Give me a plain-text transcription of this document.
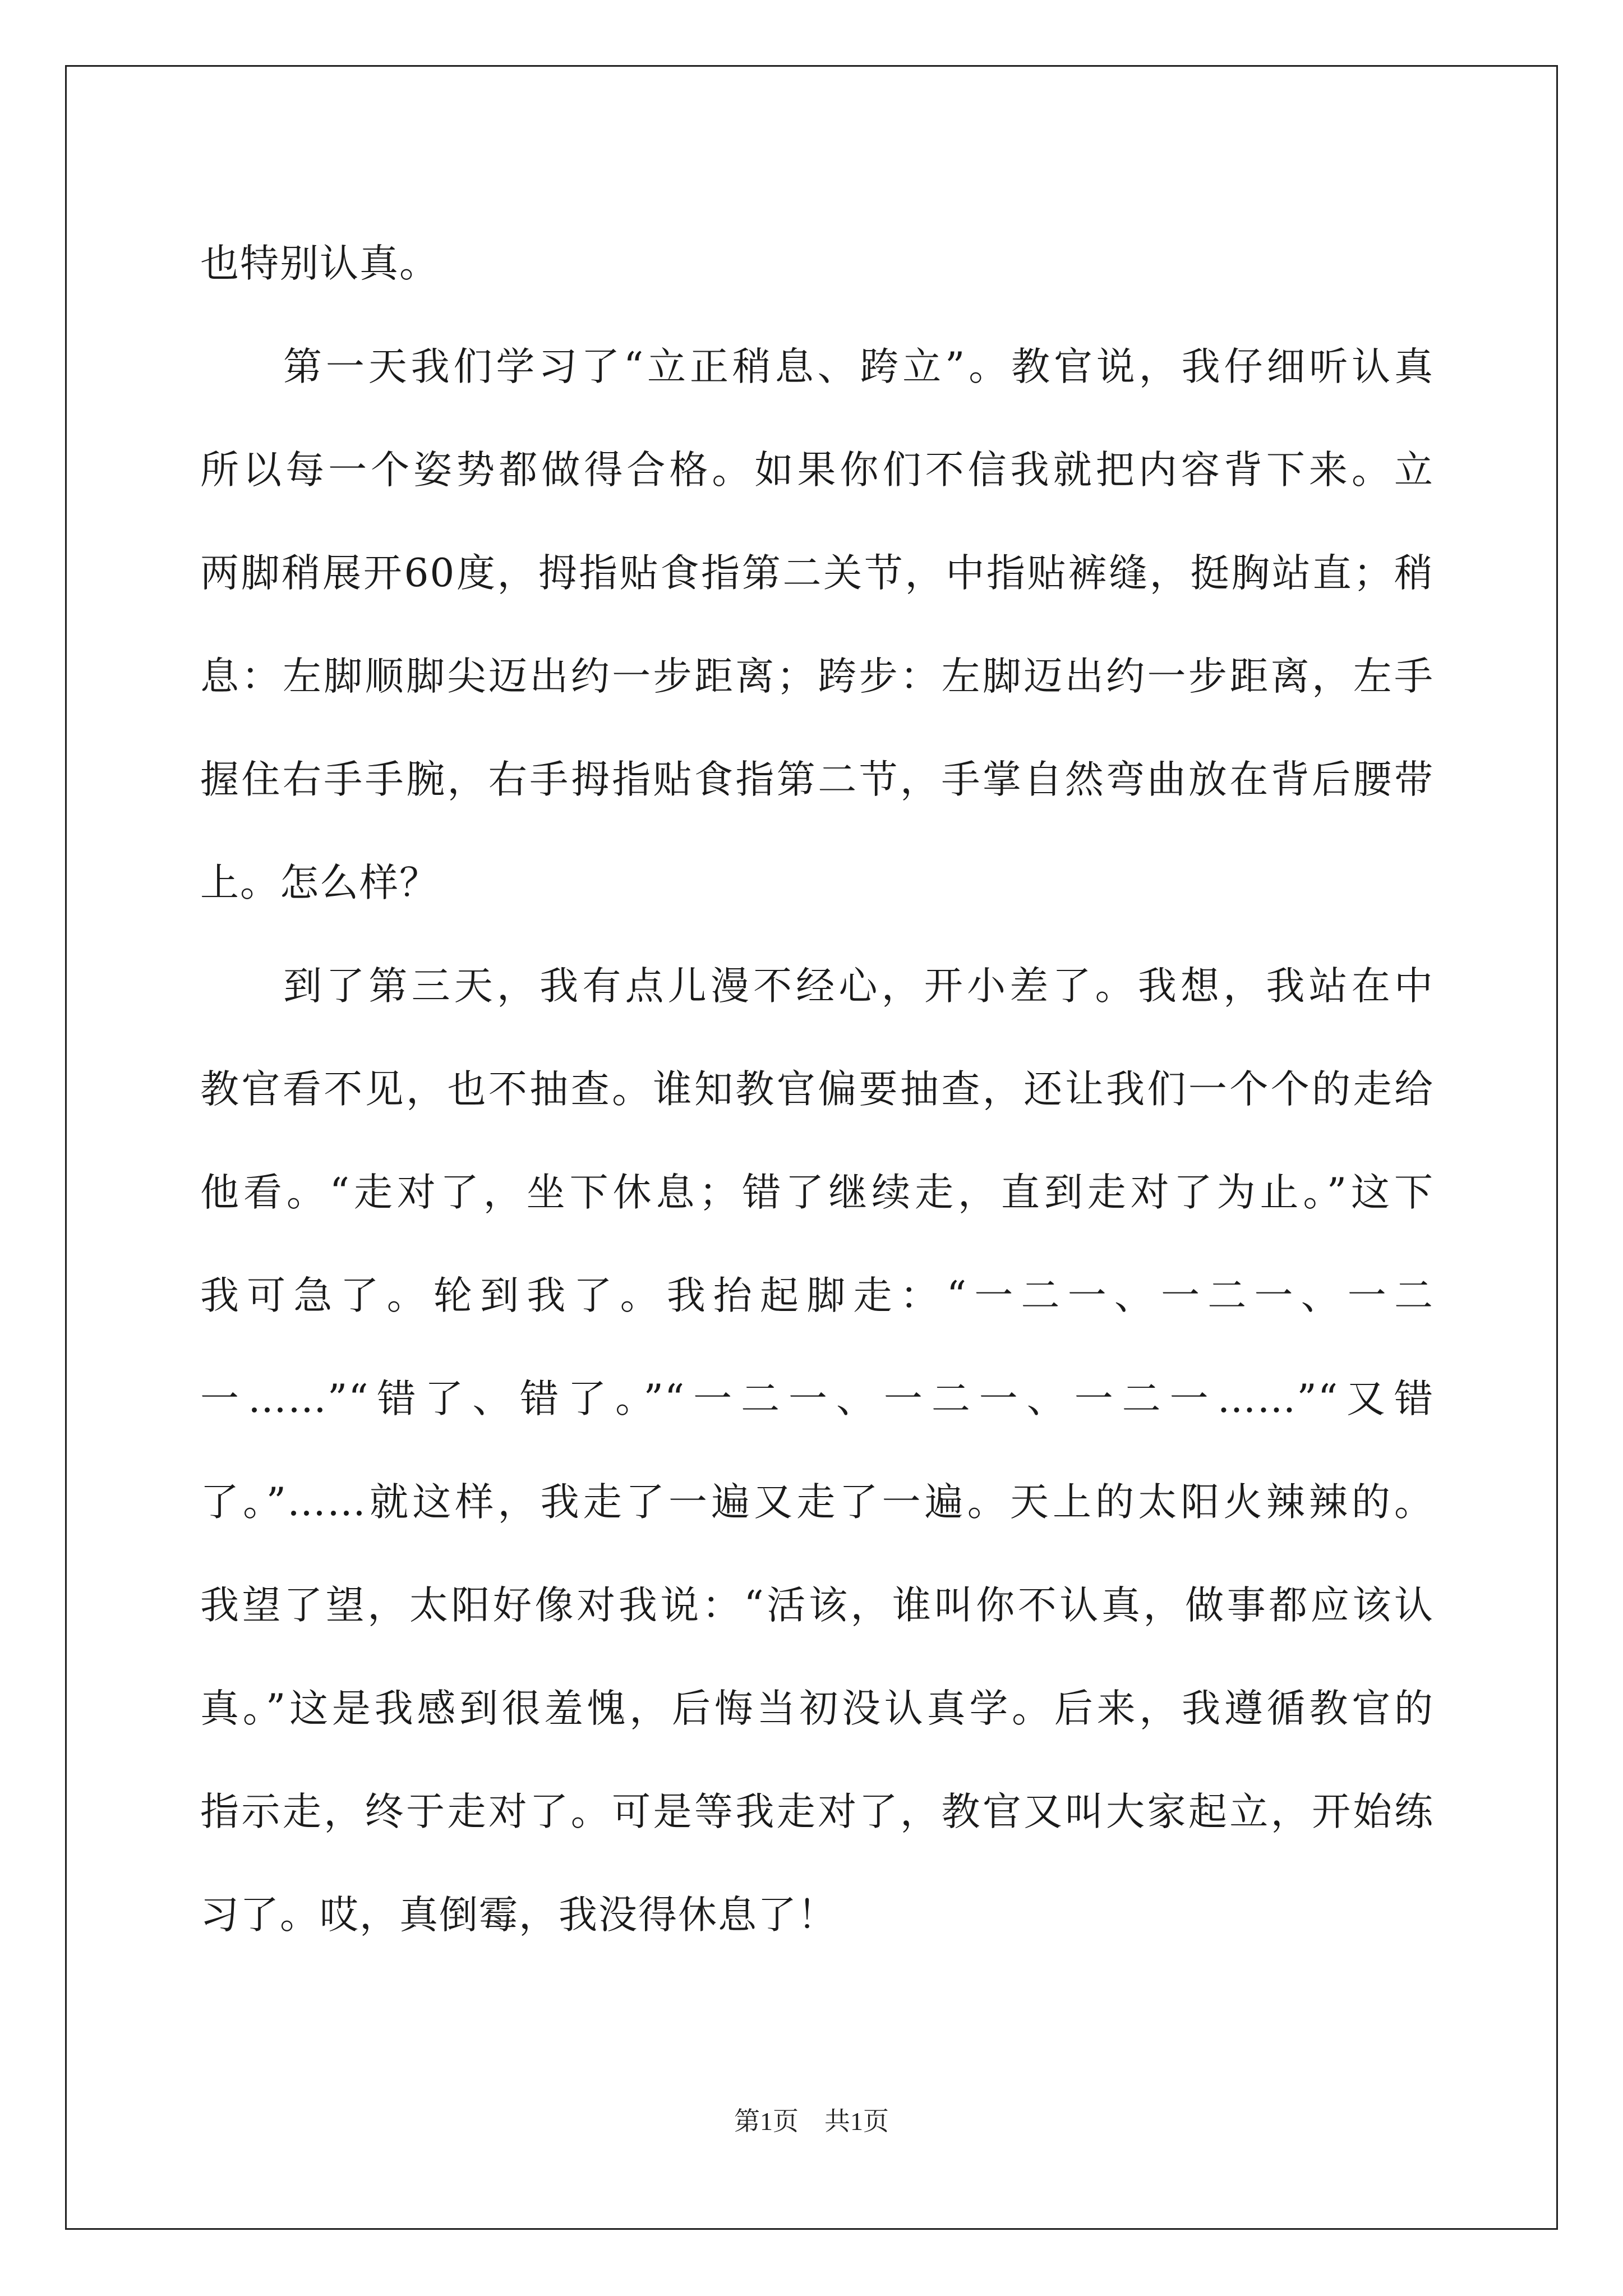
也特别认真。
第一天我们学习了“立正稍息、跨立”。教官说，我仔细听认真
所以每一个姿势都做得合格。如果你们不信我就把内容背下来。立
两脚稍展开60度，拇指贴食指第二关节，中指贴裤缝，挺胸站直；稍
息：左脚顺脚尖迈出约一步距离；跨步：左脚迈出约一步距离，左手
握住右手手腕，右手拇指贴食指第二节，手掌自然弯曲放在背后腰带
上。怎么样？
到了第三天，我有点儿漫不经心，开小差了。我想，我站在中
教官看不见，也不抽查。谁知教官偏要抽查，还让我们一个个的走给
他看。“走对了，坐下休息；错了继续走，直到走对了为止。”这下
我可急了。轮到我了。我抬起脚走：“一二一、一二一、一二
一……”“错了、错了。”“一二一、一二一、一二一……”“又错
了。”……就这样，我走了一遍又走了一遍。天上的太阳火辣辣的。
我望了望，太阳好像对我说：“活该，谁叫你不认真，做事都应该认
真。”这是我感到很羞愧，后悔当初没认真学。后来，我遵循教官的
指示走，终于走对了。可是等我走对了，教官又叫大家起立，开始练
习了。哎，真倒霉，我没得休息了！
第1页 共1页
